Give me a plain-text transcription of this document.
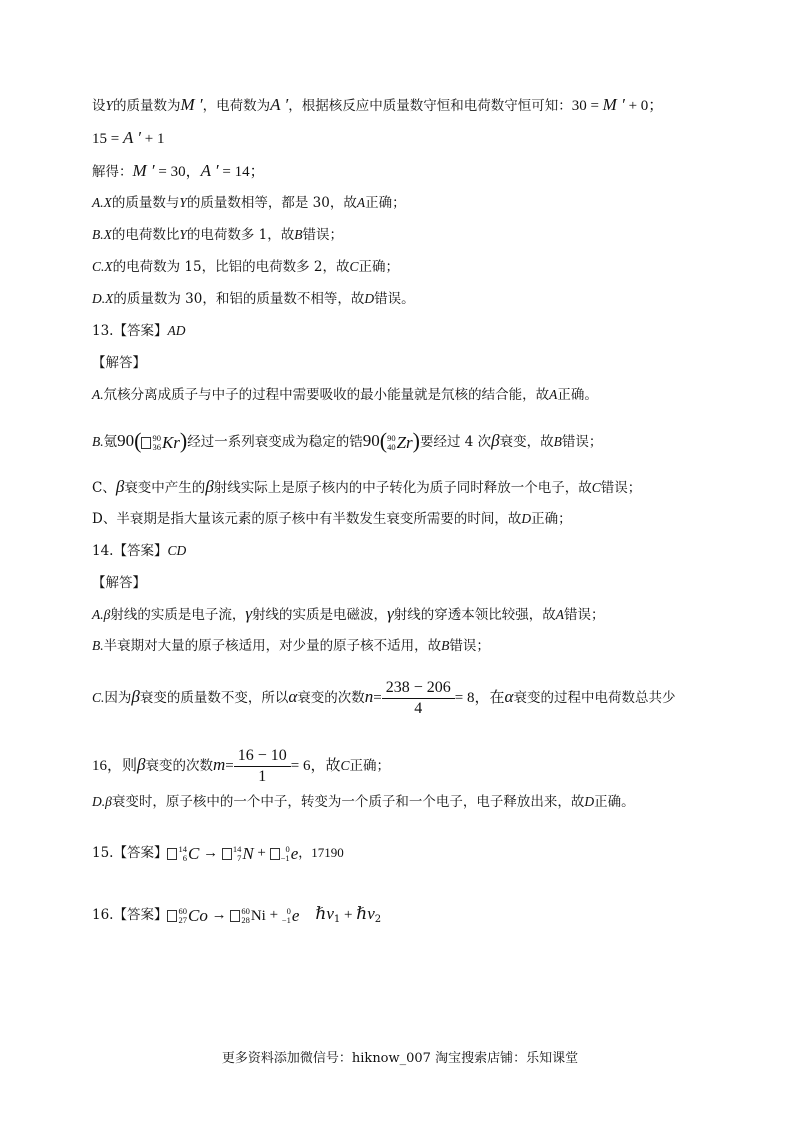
设Y的质量数为M ′，电荷数为A ′，根据核反应中质量数守恒和电荷数守恒可知：30 = M ′ + 0；
15 = A ′ + 1
解得：M ′ = 30，A ′ = 14；
A.X的质量数与Y的质量数相等，都是 30，故A正确；
B.X的电荷数比Y的电荷数多 1，故B错误；
C.X的电荷数为 15，比铝的电荷数多 2，故C正确；
D.X的质量数为 30，和铝的质量数不相等，故D错误。
13.【答案】AD
【解答】
A.氘核分离成质子与中子的过程中需要吸收的最小能量就是氘核的结合能，故A正确。
B.氪90( 90
36 Kr )经过一系列衰变成为稳定的锆90( 90
40 Zr )要经过 4 次β衰变，故B错误；
C、β衰变中产生的β射线实际上是原子核内的中子转化为质子同时释放一个电子，故C错误；
D、半衰期是指大量该元素的原子核中有半数发生衰变所需要的时间，故D正确；
14.【答案】CD
【解答】
A.β射线的实质是电子流，γ射线的实质是电磁波，γ射线的穿透本领比较强，故A错误；
B.半衰期对大量的原子核适用，对少量的原子核不适用，故B错误；
C.因为β衰变的质量数不变，所以α衰变的次数$n= \frac{238 - 206}{4} = 8$，在α衰变的过程中电荷数总共少
16，则β衰变的次数$m= \frac{16 - 10}{1} = 6$，故C正确；
D.β衰变时，原子核中的一个中子，转变为一个质子和一个电子，电子释放出来，故D正确。
15.【答案】 14
6 C → 14
7 N +	0
−1 e ，17190
16.【答案】 60
27 Co → 60
28 Ni + 0
−1 e ℏv$_1$ + ℏv$_2$
更多资料添加微信号：hiknow_007 淘宝搜索店铺：乐知课堂
